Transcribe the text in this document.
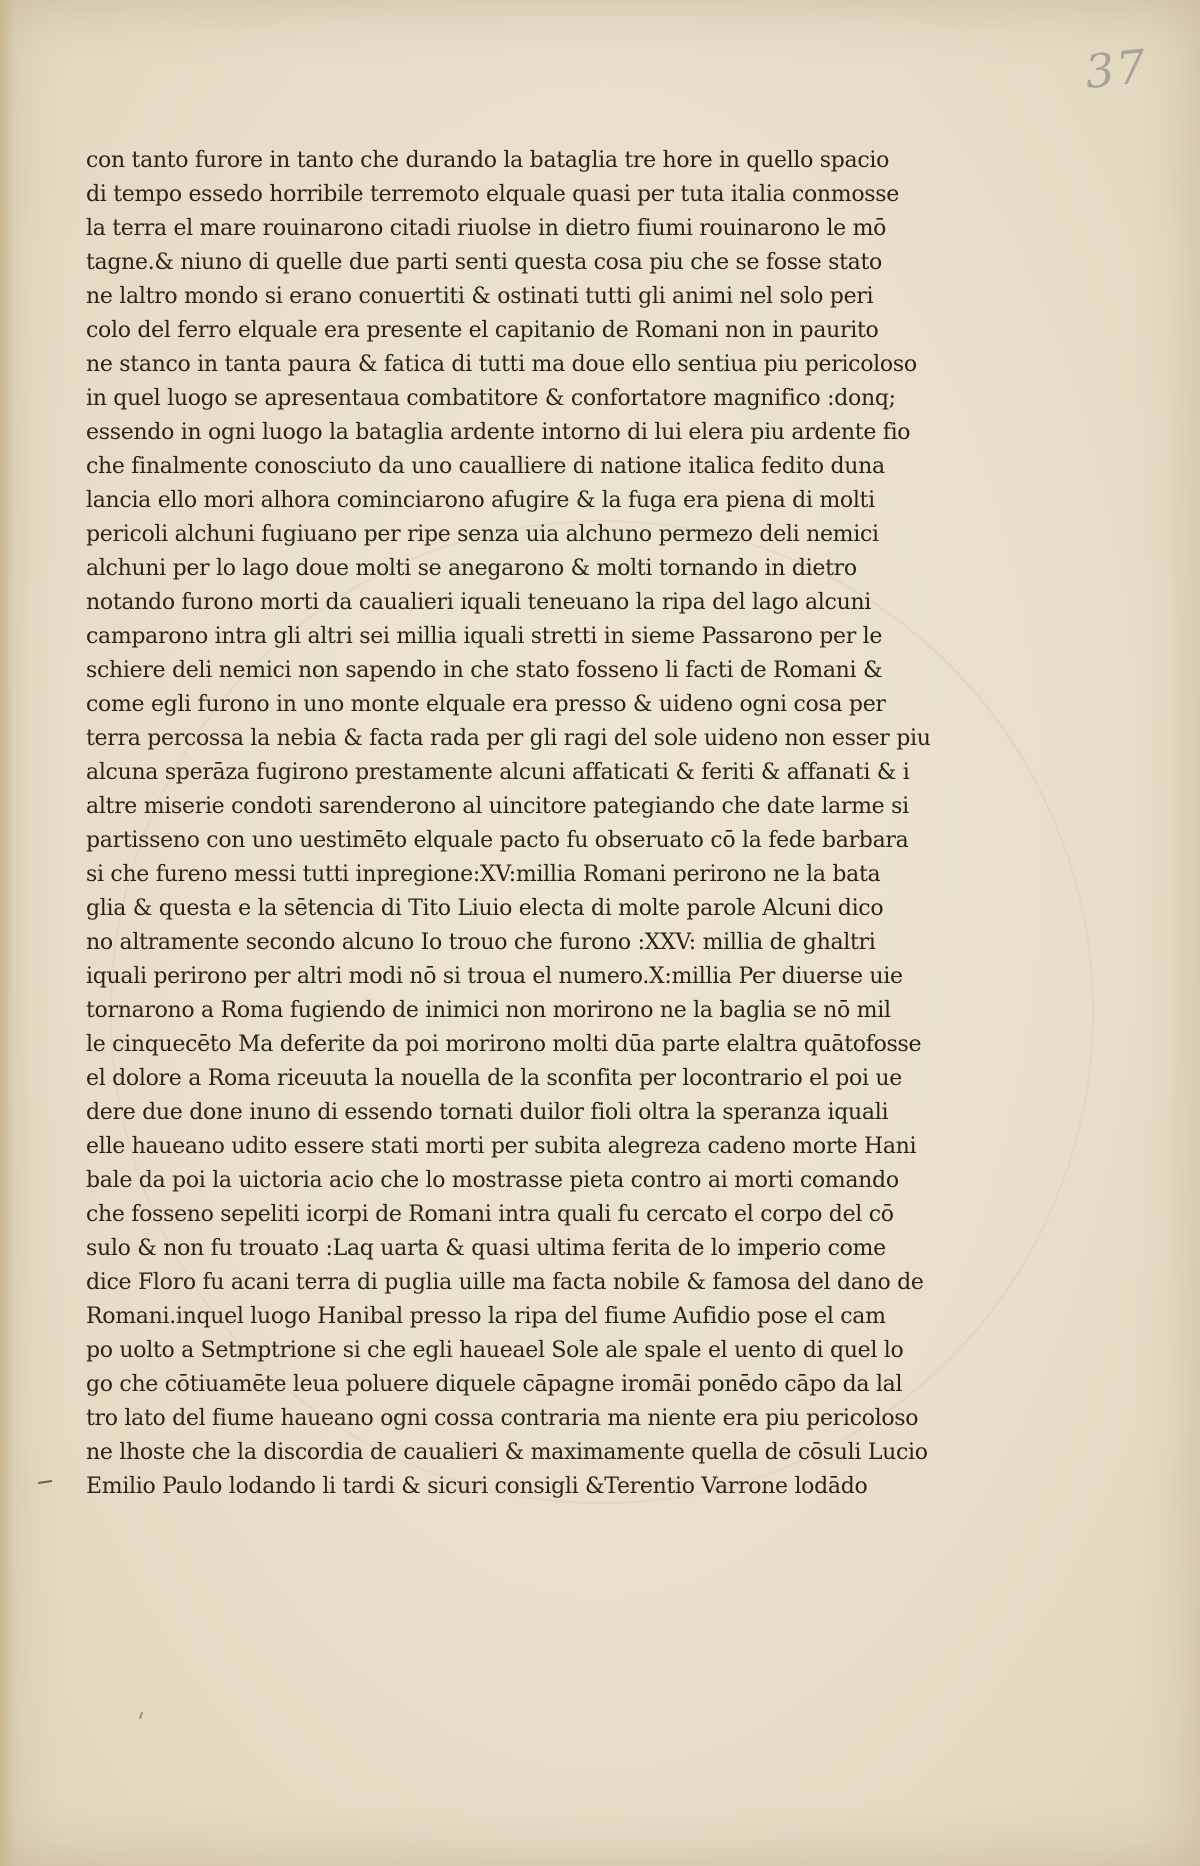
37
con tanto furore in tanto che durando la bataglia tre hore in quello spacio
di tempo essedo horribile terremoto elquale quasi per tuta italia conmosse
la terra el mare rouinarono citadi riuolse in dietro fiumi rouinarono le mō
tagne.& niuno di quelle due parti senti questa cosa piu che se fosse stato
ne laltro mondo si erano conuertiti & ostinati tutti gli animi nel solo peri
colo del ferro elquale era presente el capitanio de Romani non in paurito
ne stanco in tanta paura & fatica di tutti ma doue ello sentiua piu pericoloso
in quel luogo se apresentaua combatitore & confortatore magnifico :donq;
essendo in ogni luogo la bataglia ardente intorno di lui elera piu ardente fio
che finalmente conosciuto da uno caualliere di natione italica fedito duna
lancia ello mori alhora cominciarono afugire & la fuga era piena di molti
pericoli alchuni fugiuano per ripe senza uia alchuno permezo deli nemici
alchuni per lo lago doue molti se anegarono & molti tornando in dietro
notando furono morti da caualieri iquali teneuano la ripa del lago alcuni
camparono intra gli altri sei millia iquali stretti in sieme Passarono per le
schiere deli nemici non sapendo in che stato fosseno li facti de Romani &
come egli furono in uno monte elquale era presso & uideno ogni cosa per
terra percossa la nebia & facta rada per gli ragi del sole uideno non esser piu
alcuna sperāza fugirono prestamente alcuni affaticati & feriti & affanati & i
altre miserie condoti sarenderono al uincitore pategiando che date larme si
partisseno con uno uestimēto elquale pacto fu obseruato cō la fede barbara
si che fureno messi tutti inpregione:XV:millia Romani perirono ne la bata
glia & questa e la sētencia di Tito Liuio electa di molte parole Alcuni dico
no altramente secondo alcuno Io trouo che furono :XXV: millia de ghaltri
iquali perirono per altri modi nō si troua el numero.X:millia Per diuerse uie
tornarono a Roma fugiendo de inimici non morirono ne la baglia se nō mil
le cinquecēto Ma deferite da poi morirono molti dūa parte elaltra quātofosse
el dolore a Roma riceuuta la nouella de la sconfita per locontrario el poi ue
dere due done inuno di essendo tornati duilor fioli oltra la speranza iquali
elle haueano udito essere stati morti per subita alegreza cadeno morte Hani
bale da poi la uictoria acio che lo mostrasse pieta contro ai morti comando
che fosseno sepeliti icorpi de Romani intra quali fu cercato el corpo del cō
sulo & non fu trouato :Laq uarta & quasi ultima ferita de lo imperio come
dice Floro fu acani terra di puglia uille ma facta nobile & famosa del dano de
Romani.inquel luogo Hanibal presso la ripa del fiume Aufidio pose el cam
po uolto a Setmptrione si che egli haueael Sole ale spale el uento di quel lo
go che cōtiuamēte leua poluere diquele cāpagne iromāi ponēdo cāpo da lal
tro lato del fiume haueano ogni cossa contraria ma niente era piu pericoloso
ne lhoste che la discordia de caualieri & maximamente quella de cōsuli Lucio
Emilio Paulo lodando li tardi & sicuri consigli &Terentio Varrone lodādo
